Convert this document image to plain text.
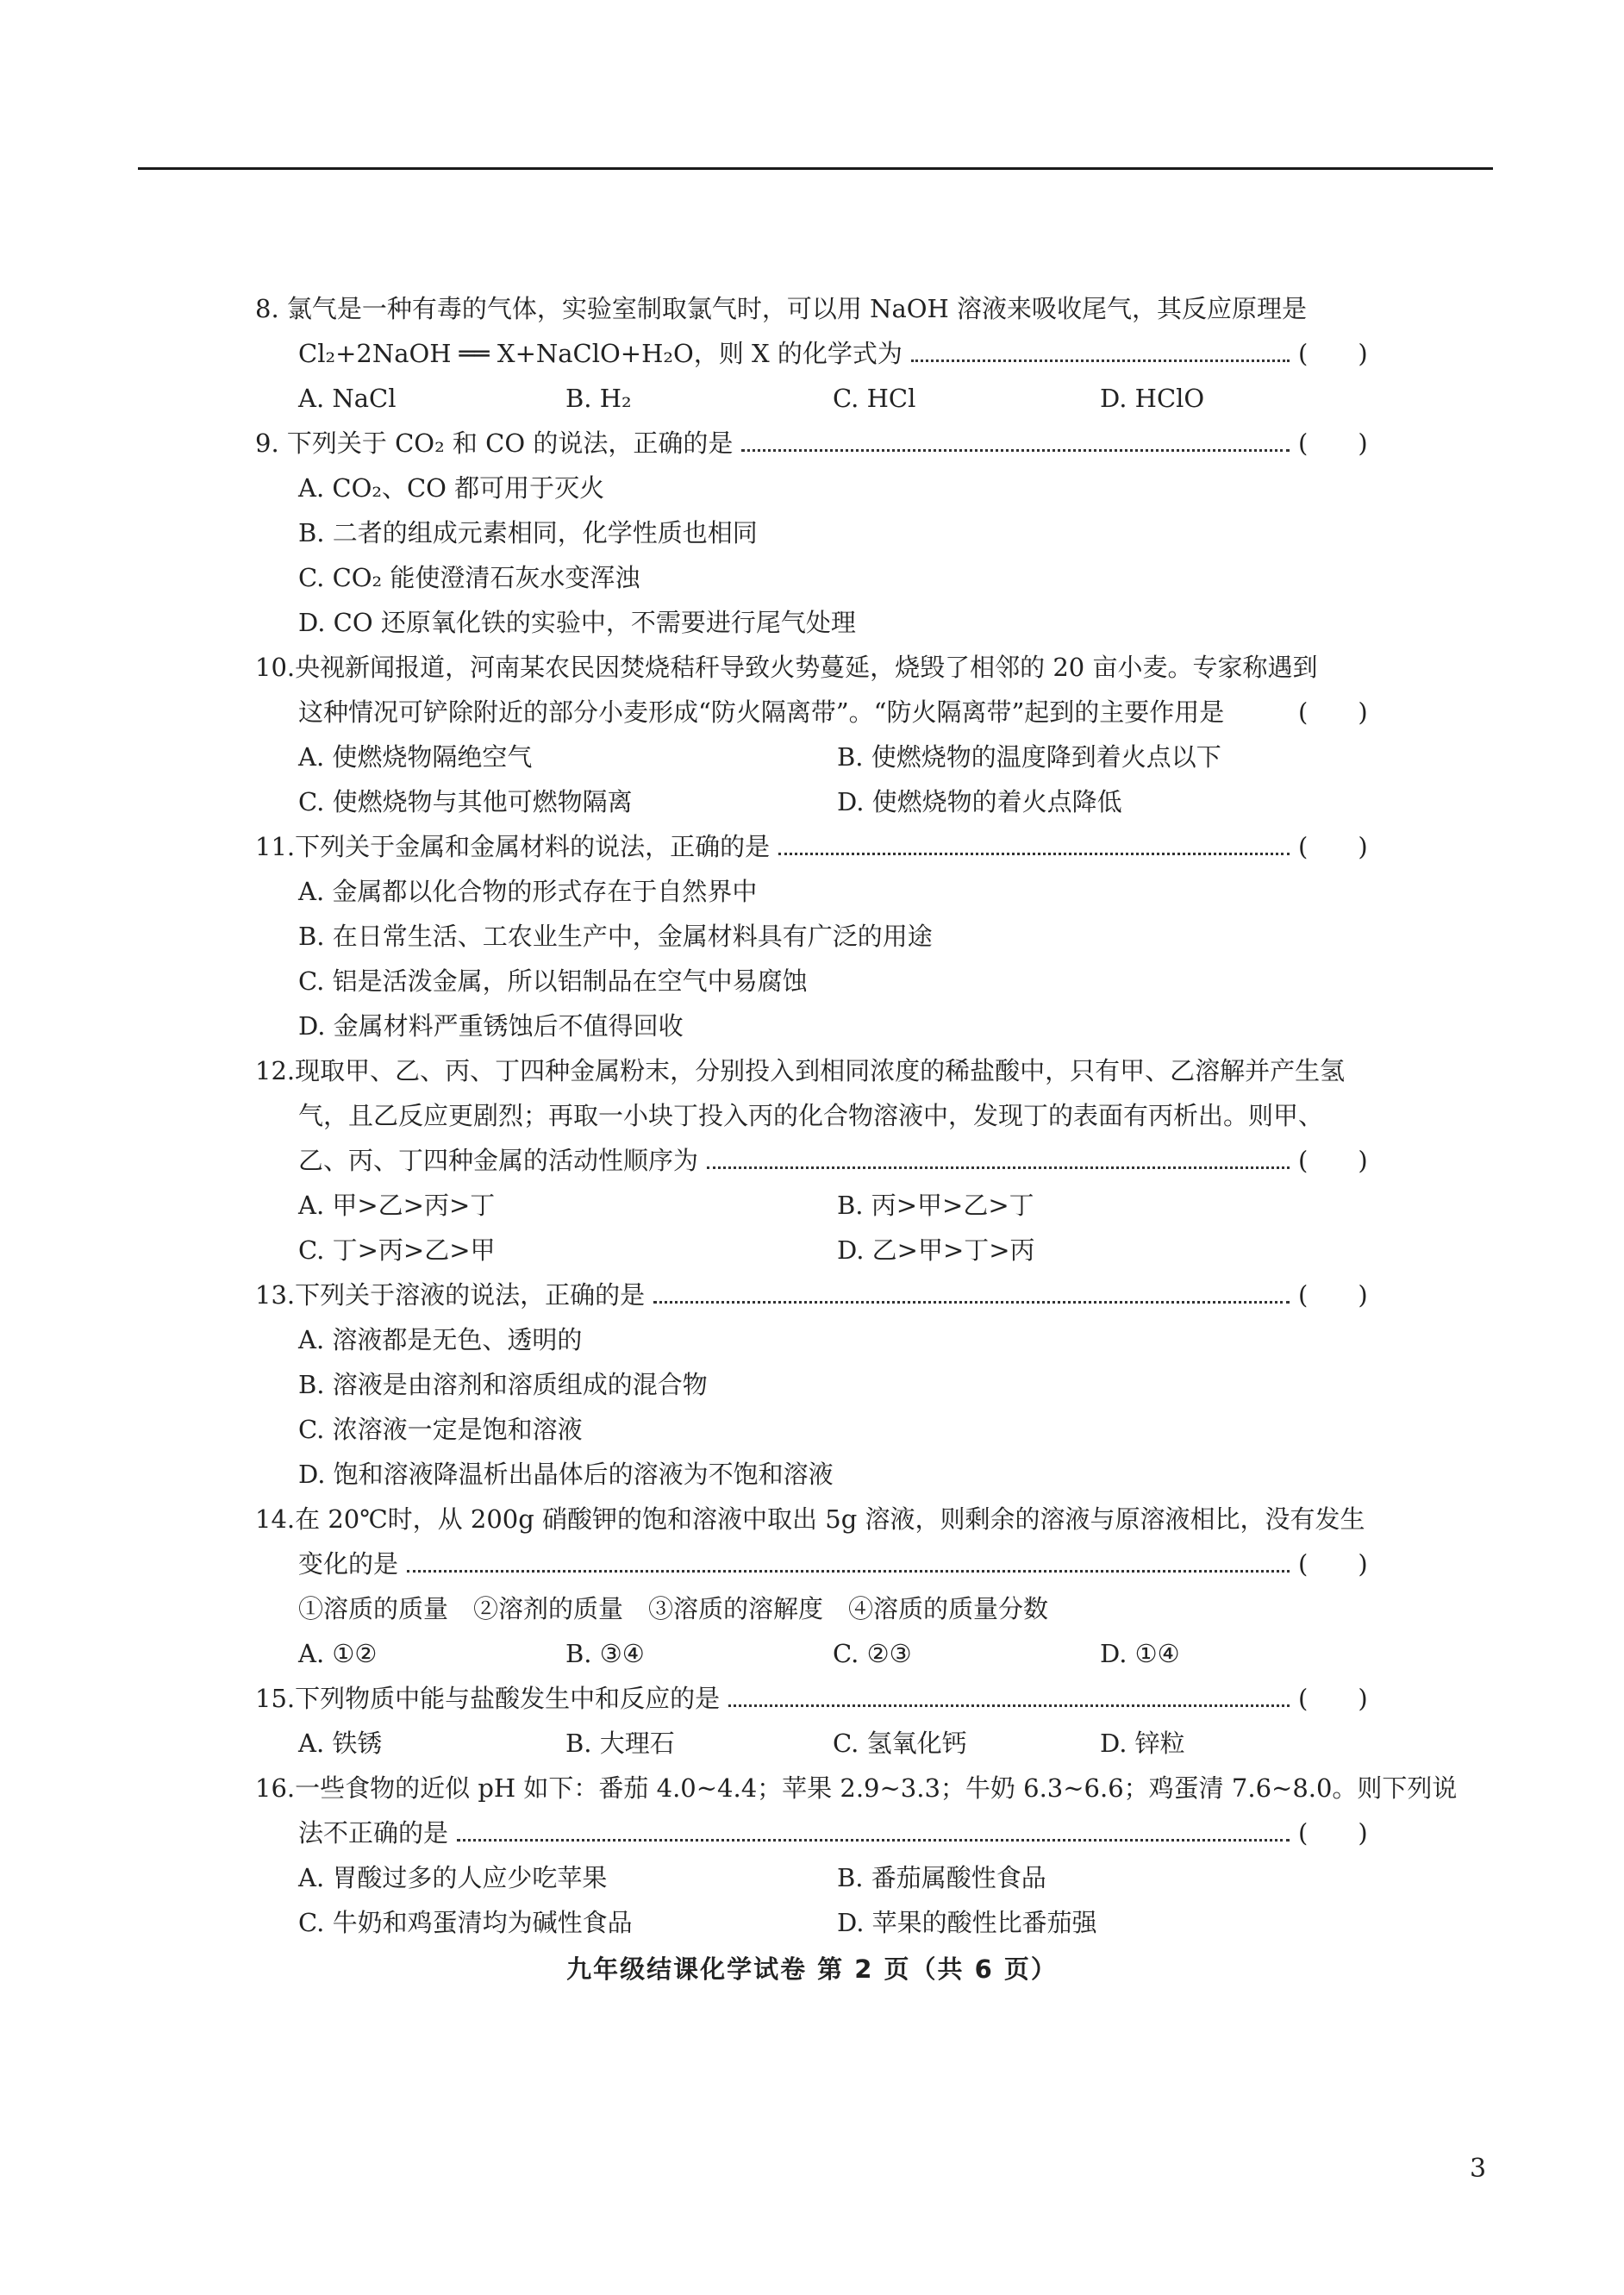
8. 氯气是一种有毒的气体，实验室制取氯气时，可以用 NaOH 溶液来吸收尾气，其反应原理是
Cl₂+2NaOH ══ X+NaClO+H₂O，则 X 的化学式为	(　　)
A. NaCl	B. H₂	C. HCl	D. HClO
9. 下列关于 CO₂ 和 CO 的说法，正确的是	(　　)
A. CO₂、CO 都可用于灭火
B. 二者的组成元素相同，化学性质也相同
C. CO₂ 能使澄清石灰水变浑浊
D. CO 还原氧化铁的实验中，不需要进行尾气处理
10.央视新闻报道，河南某农民因焚烧秸秆导致火势蔓延，烧毁了相邻的 20 亩小麦。专家称遇到
这种情况可铲除附近的部分小麦形成“防火隔离带”。“防火隔离带”起到的主要作用是	(　　)
A. 使燃烧物隔绝空气	B. 使燃烧物的温度降到着火点以下
C. 使燃烧物与其他可燃物隔离	D. 使燃烧物的着火点降低
11.下列关于金属和金属材料的说法，正确的是	(　　)
A. 金属都以化合物的形式存在于自然界中
B. 在日常生活、工农业生产中，金属材料具有广泛的用途
C. 铝是活泼金属，所以铝制品在空气中易腐蚀
D. 金属材料严重锈蚀后不值得回收
12.现取甲、乙、丙、丁四种金属粉末，分别投入到相同浓度的稀盐酸中，只有甲、乙溶解并产生氢
气，且乙反应更剧烈；再取一小块丁投入丙的化合物溶液中，发现丁的表面有丙析出。则甲、
乙、丙、丁四种金属的活动性顺序为	(　　)
A. 甲>乙>丙>丁	B. 丙>甲>乙>丁
C. 丁>丙>乙>甲	D. 乙>甲>丁>丙
13.下列关于溶液的说法，正确的是	(　　)
A. 溶液都是无色、透明的
B. 溶液是由溶剂和溶质组成的混合物
C. 浓溶液一定是饱和溶液
D. 饱和溶液降温析出晶体后的溶液为不饱和溶液
14.在 20℃时，从 200g 硝酸钾的饱和溶液中取出 5g 溶液，则剩余的溶液与原溶液相比，没有发生
变化的是	(　　)
①溶质的质量　②溶剂的质量　③溶质的溶解度　④溶质的质量分数
A. ①②	B. ③④	C. ②③	D. ①④
15.下列物质中能与盐酸发生中和反应的是	(　　)
A. 铁锈	B. 大理石	C. 氢氧化钙	D. 锌粒
16.一些食物的近似 pH 如下：番茄 4.0~4.4；苹果 2.9~3.3；牛奶 6.3~6.6；鸡蛋清 7.6~8.0。则下列说
法不正确的是	(　　)
A. 胃酸过多的人应少吃苹果	B. 番茄属酸性食品
C. 牛奶和鸡蛋清均为碱性食品	D. 苹果的酸性比番茄强
九年级结课化学试卷 第 2 页（共 6 页）
3
